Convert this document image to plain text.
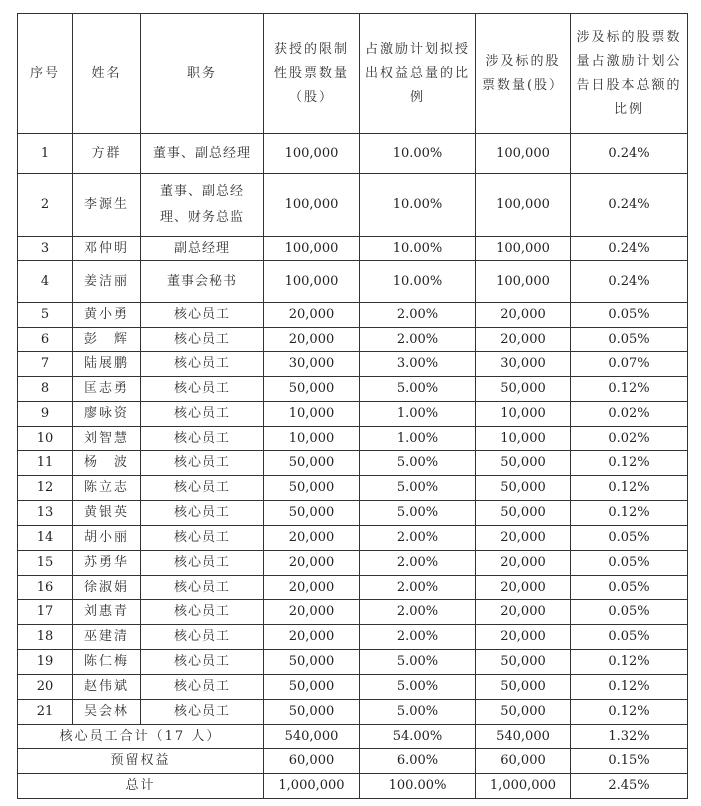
序号	姓名	职务	获授的限制性股票数量（股）	占激励计划拟授出权益总量的比例	涉及标的股票数量(股）	涉及标的股票数量占激励计划公告日股本总额的比例
1	方群	董事、副总经理	100,000	10.00%	100,000	0.24%
2	李源生	董事、副总经理、财务总监	100,000	10.00%	100,000	0.24%
3	邓仲明	副总经理	100,000	10.00%	100,000	0.24%
4	姜洁丽	董事会秘书	100,000	10.00%	100,000	0.24%
5	黄小勇	核心员工	20,000	2.00%	20,000	0.05%
6	彭　辉	核心员工	20,000	2.00%	20,000	0.05%
7	陆展鹏	核心员工	30,000	3.00%	30,000	0.07%
8	匡志勇	核心员工	50,000	5.00%	50,000	0.12%
9	廖咏资	核心员工	10,000	1.00%	10,000	0.02%
10	刘智慧	核心员工	10,000	1.00%	10,000	0.02%
11	杨　波	核心员工	50,000	5.00%	50,000	0.12%
12	陈立志	核心员工	50,000	5.00%	50,000	0.12%
13	黄银英	核心员工	50,000	5.00%	50,000	0.12%
14	胡小丽	核心员工	20,000	2.00%	20,000	0.05%
15	苏勇华	核心员工	20,000	2.00%	20,000	0.05%
16	徐淑娟	核心员工	20,000	2.00%	20,000	0.05%
17	刘惠青	核心员工	20,000	2.00%	20,000	0.05%
18	巫建清	核心员工	20,000	2.00%	20,000	0.05%
19	陈仁梅	核心员工	50,000	5.00%	50,000	0.12%
20	赵伟斌	核心员工	50,000	5.00%	50,000	0.12%
21	吴会林	核心员工	50,000	5.00%	50,000	0.12%
核心员工合计（17 人）			540,000	54.00%	540,000	1.32%
预留权益			60,000	6.00%	60,000	0.15%
总计			1,000,000	100.00%	1,000,000	2.45%
